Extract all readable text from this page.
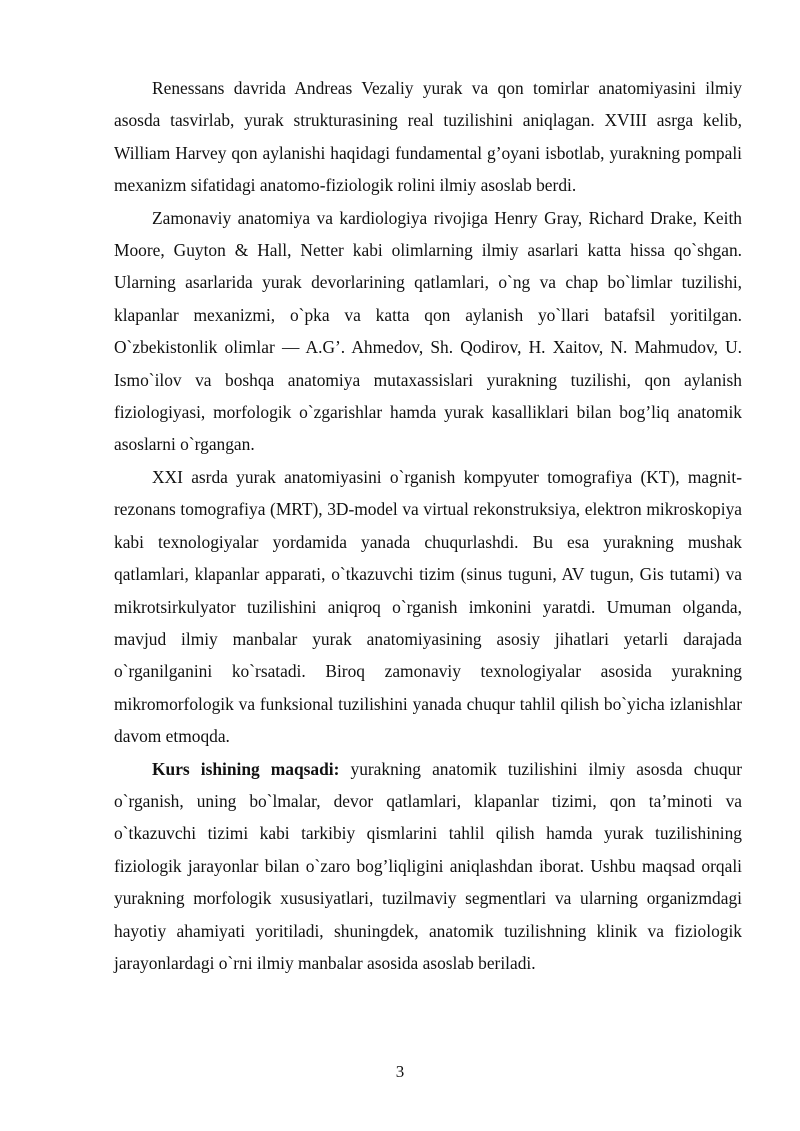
Renessans davrida Andreas Vezaliy yurak va qon tomirlar anatomiyasini ilmiy asosda tasvirlab, yurak strukturasining real tuzilishini aniqlagan. XVIII asrga kelib, William Harvey qon aylanishi haqidagi fundamental g’oyani isbotlab, yurakning pompali mexanizm sifatidagi anatomo-fiziologik rolini ilmiy asoslab berdi.

Zamonaviy anatomiya va kardiologiya rivojiga Henry Gray, Richard Drake, Keith Moore, Guyton & Hall, Netter kabi olimlarning ilmiy asarlari katta hissa qo`shgan. Ularning asarlarida yurak devorlarining qatlamlari, o`ng va chap bo`limlar tuzilishi, klapanlar mexanizmi, o`pka va katta qon aylanish yo`llari batafsil yoritilgan. O`zbekistonlik olimlar — A.G’. Ahmedov, Sh. Qodirov, H. Xaitov, N. Mahmudov, U. Ismo`ilov va boshqa anatomiya mutaxassislari yurakning tuzilishi, qon aylanish fiziologiyasi, morfologik o`zgarishlar hamda yurak kasalliklari bilan bog’liq anatomik asoslarni o`rgangan.

XXI asrda yurak anatomiyasini o`rganish kompyuter tomografiya (KT), magnit-rezonans tomografiya (MRT), 3D-model va virtual rekonstruksiya, elektron mikroskopiya kabi texnologiyalar yordamida yanada chuqurlashdi. Bu esa yurakning mushak qatlamlari, klapanlar apparati, o`tkazuvchi tizim (sinus tuguni, AV tugun, Gis tutami) va mikrotsirkulyator tuzilishini aniqroq o`rganish imkonini yaratdi. Umuman olganda, mavjud ilmiy manbalar yurak anatomiyasining asosiy jihatlari yetarli darajada o`rganilganini ko`rsatadi. Biroq zamonaviy texnologiyalar asosida yurakning mikromorfologik va funksional tuzilishini yanada chuqur tahlil qilish bo`yicha izlanishlar davom etmoqda.

Kurs ishining maqsadi: yurakning anatomik tuzilishini ilmiy asosda chuqur o`rganish, uning bo`lmalar, devor qatlamlari, klapanlar tizimi, qon ta’minoti va o`tkazuvchi tizimi kabi tarkibiy qismlarini tahlil qilish hamda yurak tuzilishining fiziologik jarayonlar bilan o`zaro bog’liqligini aniqlashdan iborat. Ushbu maqsad orqali yurakning morfologik xususiyatlari, tuzilmaviy segmentlari va ularning organizmdagi hayotiy ahamiyati yoritiladi, shuningdek, anatomik tuzilishning klinik va fiziologik jarayonlardagi o`rni ilmiy manbalar asosida asoslab beriladi.

3
